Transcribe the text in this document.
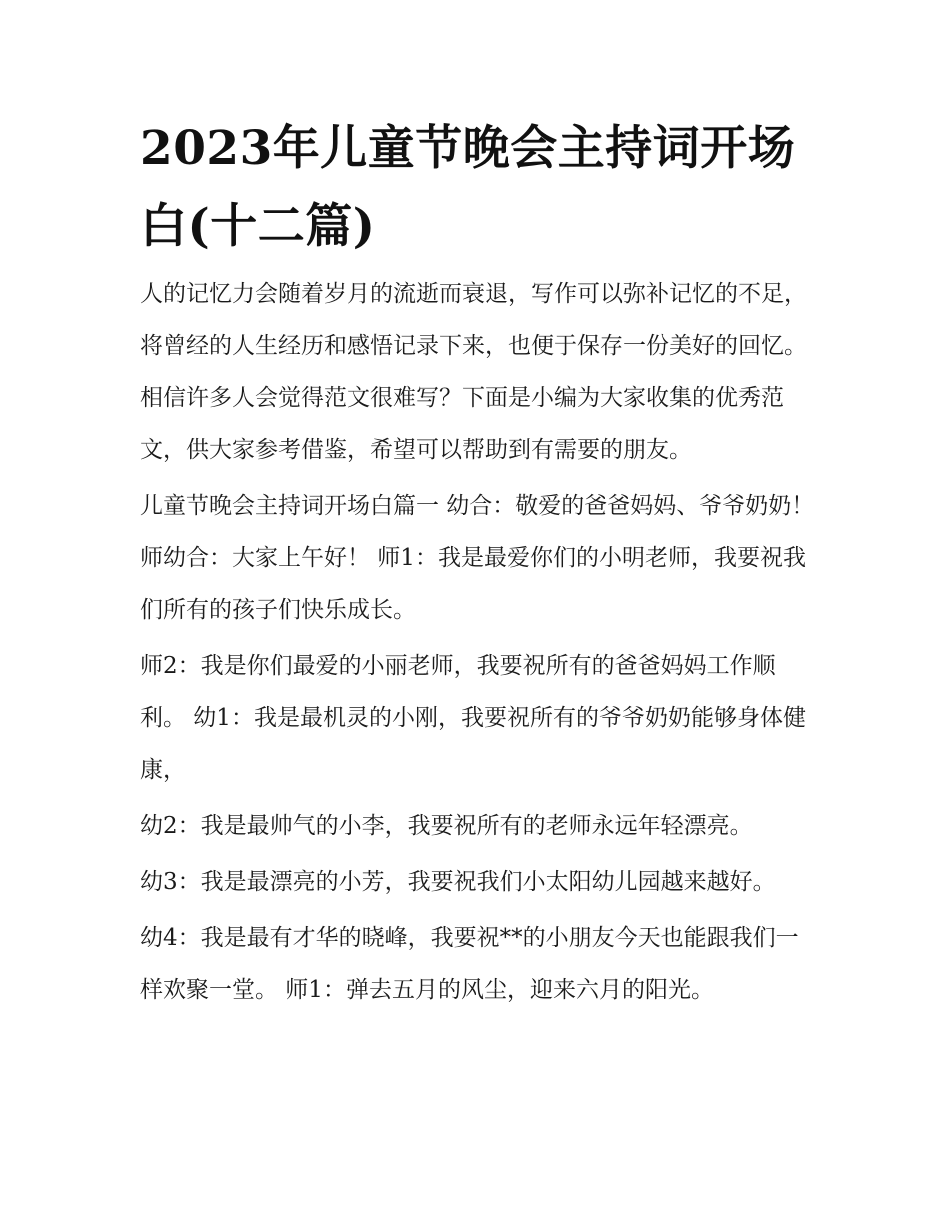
2023年儿童节晚会主持词开场白(十二篇)

人的记忆力会随着岁月的流逝而衰退，写作可以弥补记忆的不足，将曾经的人生经历和感悟记录下来，也便于保存一份美好的回忆。相信许多人会觉得范文很难写？下面是小编为大家收集的优秀范文，供大家参考借鉴，希望可以帮助到有需要的朋友。

儿童节晚会主持词开场白篇一 幼合：敬爱的爸爸妈妈、爷爷奶奶！ 师幼合：大家上午好！ 师1：我是最爱你们的小明老师，我要祝我们所有的孩子们快乐成长。

师2：我是你们最爱的小丽老师，我要祝所有的爸爸妈妈工作顺利。 幼1：我是最机灵的小刚，我要祝所有的爷爷奶奶能够身体健康，

幼2：我是最帅气的小李，我要祝所有的老师永远年轻漂亮。

幼3：我是最漂亮的小芳，我要祝我们小太阳幼儿园越来越好。

幼4：我是最有才华的晓峰，我要祝**的小朋友今天也能跟我们一样欢聚一堂。 师1：弹去五月的风尘，迎来六月的阳光。
